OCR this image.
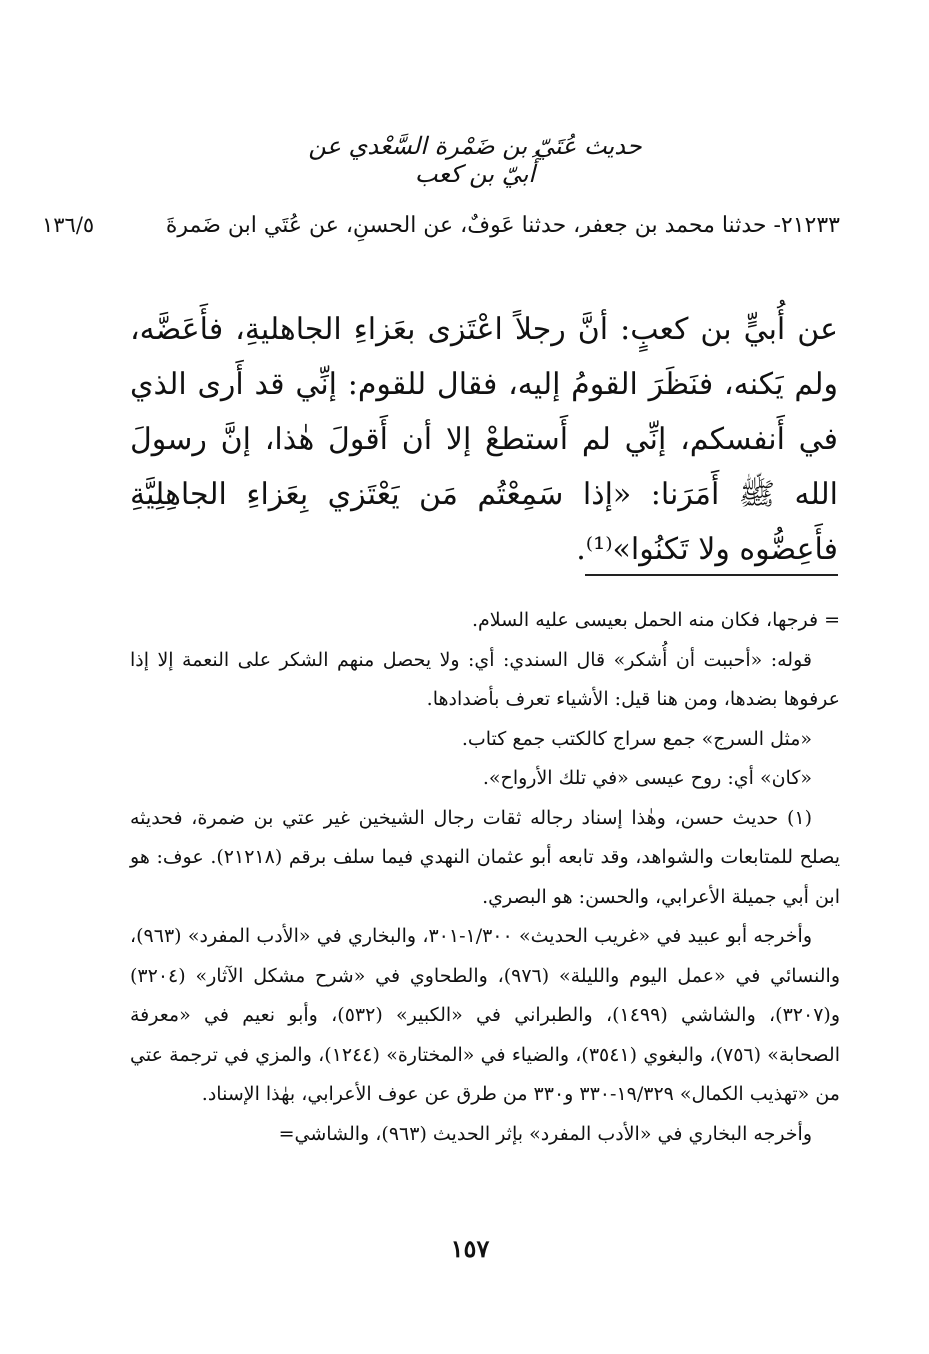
حديث عُتَيّ بن ضَمْرة السَّعْدي عن أُبيّ بن كعب
١٣٦/٥	٢١٢٣٣- حدثنا محمد بن جعفر، حدثنا عَوفٌ، عن الحسنِ، عن عُتَي ابن ضَمرةَ
عن أُبيٍّ بن كعبٍ: أنَّ رجلاً اعْتَزى بعَزاءِ الجاهليةِ، فأَعَضَّه، ولم يَكنه، فنَظَرَ القومُ إليه، فقال للقوم: إنِّي قد أَرى الذي في أَنفسكم، إنِّي لم أَستطعْ إلا أن أَقولَ هٰذا، إنَّ رسولَ الله ﷺ أَمَرَنا: «إذا سَمِعْتُم مَن يَعْتَزي بِعَزاءِ الجاهِلِيَّةِ فأَعِضُّوه ولا تَكنُوا»⁽¹⁾.

= فرجها، فكان منه الحمل بعيسى عليه السلام.

قوله: «أحببت أن أُشكر» قال السندي: أي: ولا يحصل منهم الشكر على النعمة إلا إذا عرفوها بضدها، ومن هنا قيل: الأشياء تعرف بأضدادها.

«مثل السرج» جمع سراج كالكتب جمع كتاب.

«كان» أي: روح عيسى «في تلك الأرواح».

(١) حديث حسن، وهٰذا إسناد رجاله ثقات رجال الشيخين غير عتي بن ضمرة، فحديثه يصلح للمتابعات والشواهد، وقد تابعه أبو عثمان النهدي فيما سلف برقم (٢١٢١٨). عوف: هو ابن أبي جميلة الأعرابي، والحسن: هو البصري.

وأخرجه أبو عبيد في «غريب الحديث» ١/٣٠٠-٣٠١، والبخاري في «الأدب المفرد» (٩٦٣)، والنسائي في «عمل اليوم والليلة» (٩٧٦)، والطحاوي في «شرح مشكل الآثار» (٣٢٠٤) و(٣٢٠٧)، والشاشي (١٤٩٩)، والطبراني في «الكبير» (٥٣٢)، وأبو نعيم في «معرفة الصحابة» (٧٥٦)، والبغوي (٣٥٤١)، والضياء في «المختارة» (١٢٤٤)، والمزي في ترجمة عتي من «تهذيب الكمال» ١٩/٣٢٩-٣٣٠ و٣٣٠ من طرق عن عوف الأعرابي، بهٰذا الإسناد.

وأخرجه البخاري في «الأدب المفرد» بإثر الحديث (٩٦٣)، والشاشي=

١٥٧
